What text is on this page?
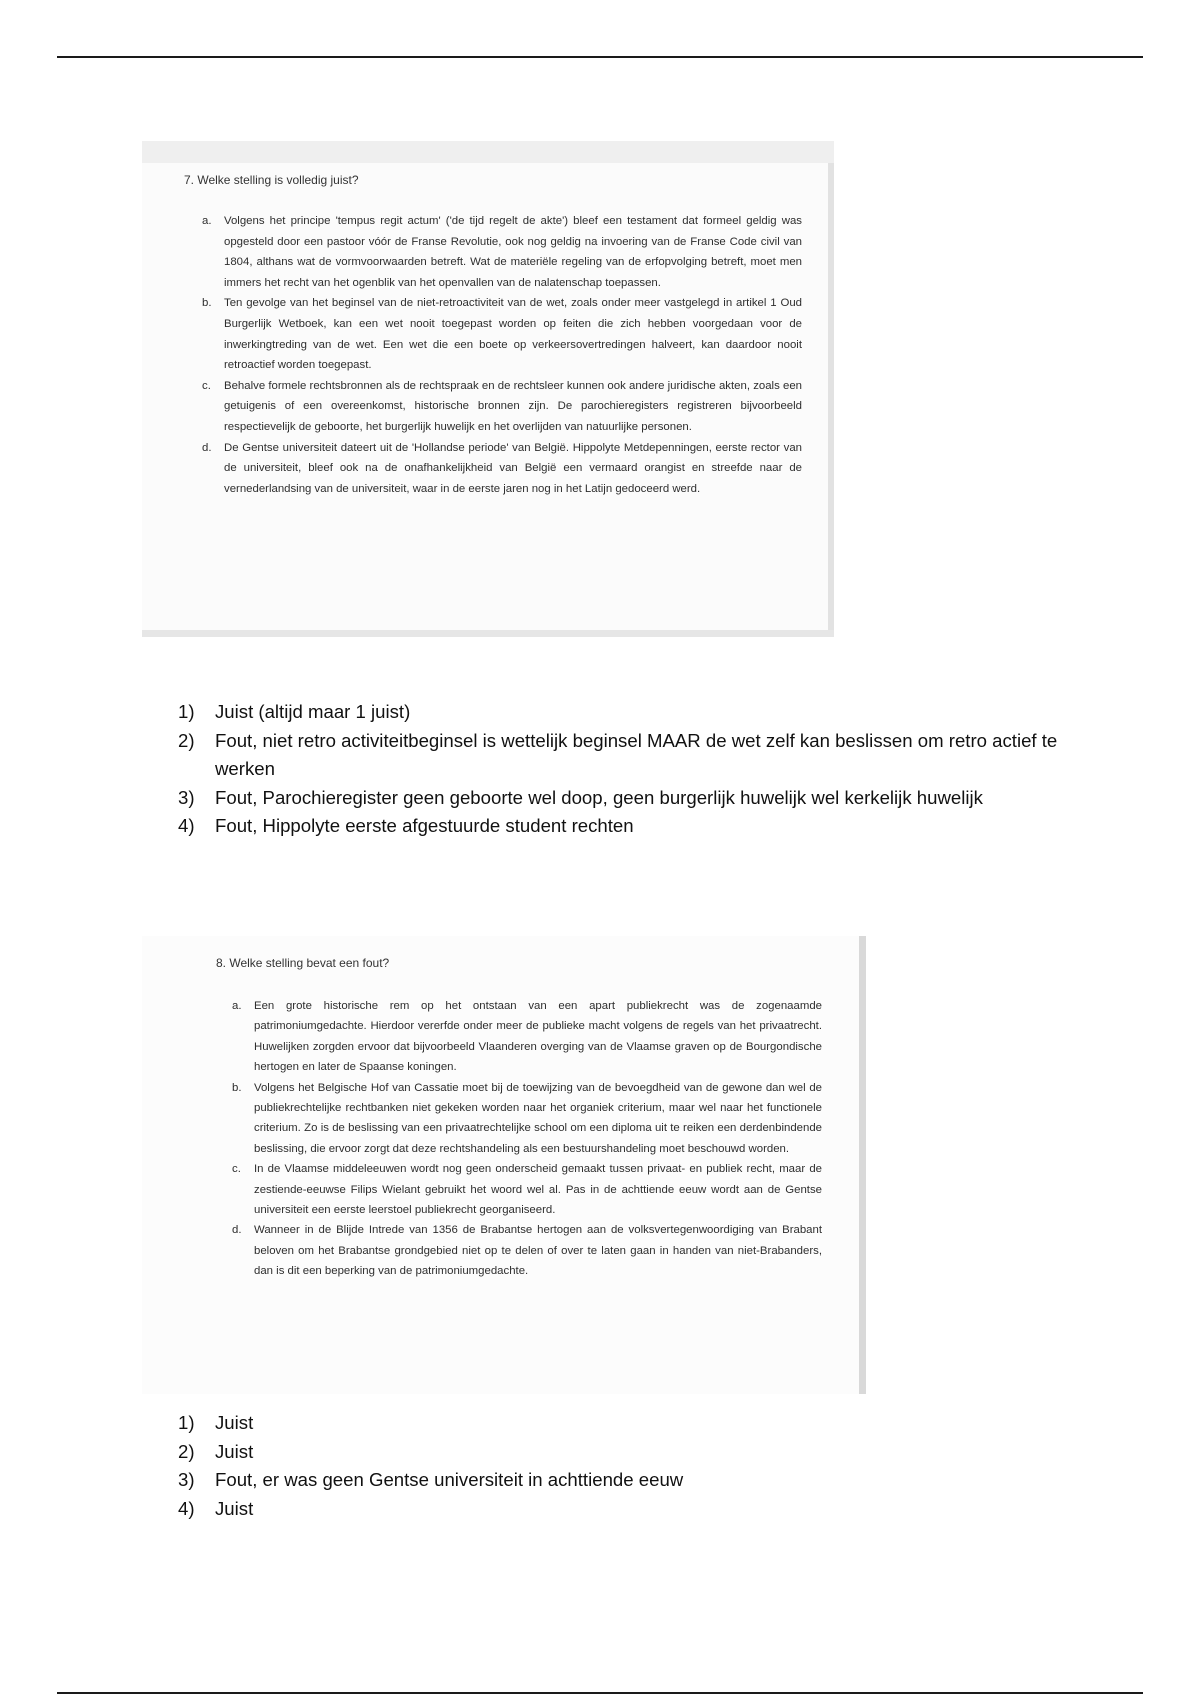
7. Welke stelling is volledig juist?
a.	Volgens het principe 'tempus regit actum' ('de tijd regelt de akte') bleef een testament dat formeel geldig was opgesteld door een pastoor vóór de Franse Revolutie, ook nog geldig na invoering van de Franse Code civil van 1804, althans wat de vormvoorwaarden betreft. Wat de materiële regeling van de erfopvolging betreft, moet men immers het recht van het ogenblik van het openvallen van de nalatenschap toepassen.
b.	Ten gevolge van het beginsel van de niet-retroactiviteit van de wet, zoals onder meer vastgelegd in artikel 1 Oud Burgerlijk Wetboek, kan een wet nooit toegepast worden op feiten die zich hebben voorgedaan voor de inwerkingtreding van de wet. Een wet die een boete op verkeersovertredingen halveert, kan daardoor nooit retroactief worden toegepast.
c.	Behalve formele rechtsbronnen als de rechtspraak en de rechtsleer kunnen ook andere juridische akten, zoals een getuigenis of een overeenkomst, historische bronnen zijn. De parochieregisters registreren bijvoorbeeld respectievelijk de geboorte, het burgerlijk huwelijk en het overlijden van natuurlijke personen.
d.	De Gentse universiteit dateert uit de 'Hollandse periode' van België. Hippolyte Metdepenningen, eerste rector van de universiteit, bleef ook na de onafhankelijkheid van België een vermaard orangist en streefde naar de vernederlandsing van de universiteit, waar in de eerste jaren nog in het Latijn gedoceerd werd.
1)	Juist (altijd maar 1 juist)
2)	Fout, niet retro activiteitbeginsel is wettelijk beginsel MAAR de wet zelf kan beslissen om retro actief te werken
3)	Fout, Parochieregister geen geboorte wel doop, geen burgerlijk huwelijk wel kerkelijk huwelijk
4)	Fout, Hippolyte eerste afgestuurde student rechten
8. Welke stelling bevat een fout?
a.	Een grote historische rem op het ontstaan van een apart publiekrecht was de zogenaamde patrimoniumgedachte. Hierdoor vererfde onder meer de publieke macht volgens de regels van het privaatrecht. Huwelijken zorgden ervoor dat bijvoorbeeld Vlaanderen overging van de Vlaamse graven op de Bourgondische hertogen en later de Spaanse koningen.
b.	Volgens het Belgische Hof van Cassatie moet bij de toewijzing van de bevoegdheid van de gewone dan wel de publiekrechtelijke rechtbanken niet gekeken worden naar het organiek criterium, maar wel naar het functionele criterium. Zo is de beslissing van een privaatrechtelijke school om een diploma uit te reiken een derdenbindende beslissing, die ervoor zorgt dat deze rechtshandeling als een bestuurshandeling moet beschouwd worden.
c.	In de Vlaamse middeleeuwen wordt nog geen onderscheid gemaakt tussen privaat- en publiek recht, maar de zestiende-eeuwse Filips Wielant gebruikt het woord wel al. Pas in de achttiende eeuw wordt aan de Gentse universiteit een eerste leerstoel publiekrecht georganiseerd.
d.	Wanneer in de Blijde Intrede van 1356 de Brabantse hertogen aan de volksvertegenwoordiging van Brabant beloven om het Brabantse grondgebied niet op te delen of over te laten gaan in handen van niet-Brabanders, dan is dit een beperking van de patrimoniumgedachte.
1)	Juist
2)	Juist
3)	Fout, er was geen Gentse universiteit in achttiende eeuw
4)	Juist
